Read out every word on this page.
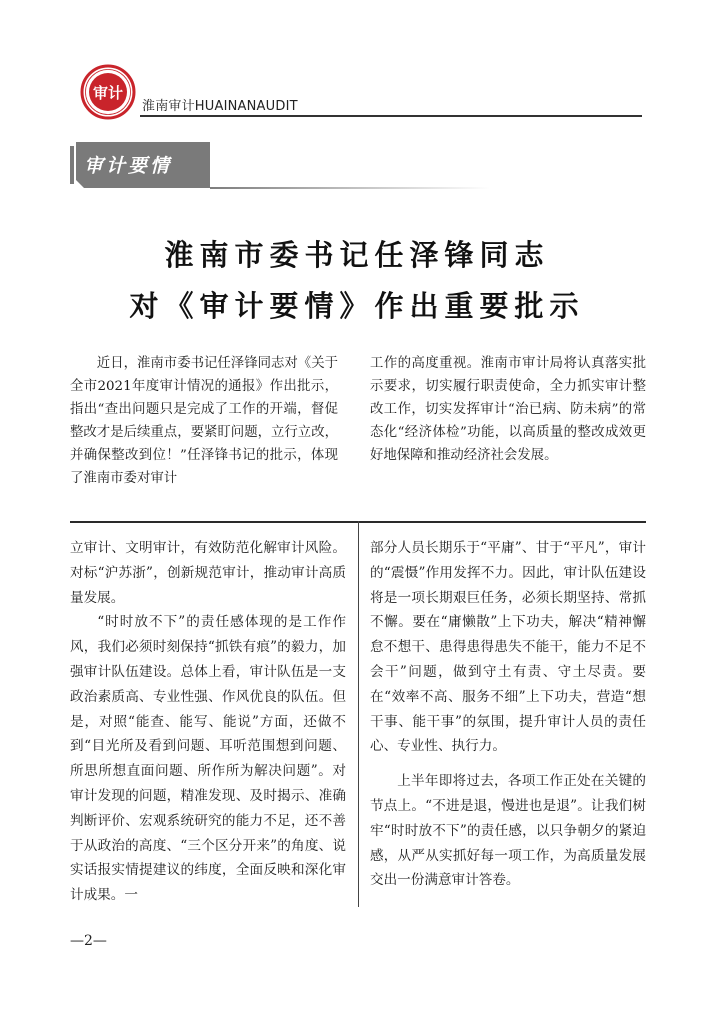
审计
淮南审计HUAINANAUDIT
审计要情
淮南市委书记任泽锋同志
对《审计要情》作出重要批示

近日，淮南市委书记任泽锋同志对《关于全市2021年度审计情况的通报》作出批示，指出“查出问题只是完成了工作的开端，督促整改才是后续重点，要紧盯问题，立行立改，并确保整改到位！”任泽锋书记的批示，体现了淮南市委对审计

工作的高度重视。淮南市审计局将认真落实批示要求，切实履行职责使命，全力抓实审计整改工作，切实发挥审计“治已病、防未病”的常态化“经济体检”功能，以高质量的整改成效更好地保障和推动经济社会发展。

立审计、文明审计，有效防范化解审计风险。对标“沪苏浙”，创新规范审计，推动审计高质量发展。

“时时放不下”的责任感体现的是工作作风，我们必须时刻保持“抓铁有痕”的毅力，加强审计队伍建设。总体上看，审计队伍是一支政治素质高、专业性强、作风优良的队伍。但是，对照“能查、能写、能说”方面，还做不到“目光所及看到问题、耳听范围想到问题、所思所想直面问题、所作所为解决问题”。对审计发现的问题，精准发现、及时揭示、准确判断评价、宏观系统研究的能力不足，还不善于从政治的高度、“三个区分开来”的角度、说实话报实情提建议的纬度，全面反映和深化审计成果。一

部分人员长期乐于“平庸”、甘于“平凡”，审计的“震慑”作用发挥不力。因此，审计队伍建设将是一项长期艰巨任务，必须长期坚持、常抓不懈。要在“庸懒散”上下功夫，解决“精神懈怠不想干、患得患得患失不能干，能力不足不会干”问题，做到守土有责、守土尽责。要在“效率不高、服务不细”上下功夫，营造“想干事、能干事”的氛围，提升审计人员的责任心、专业性、执行力。

上半年即将过去，各项工作正处在关键的节点上。“不进是退，慢进也是退”。让我们树牢“时时放不下”的责任感，以只争朝夕的紧迫感，从严从实抓好每一项工作，为高质量发展交出一份满意审计答卷。

—2—
